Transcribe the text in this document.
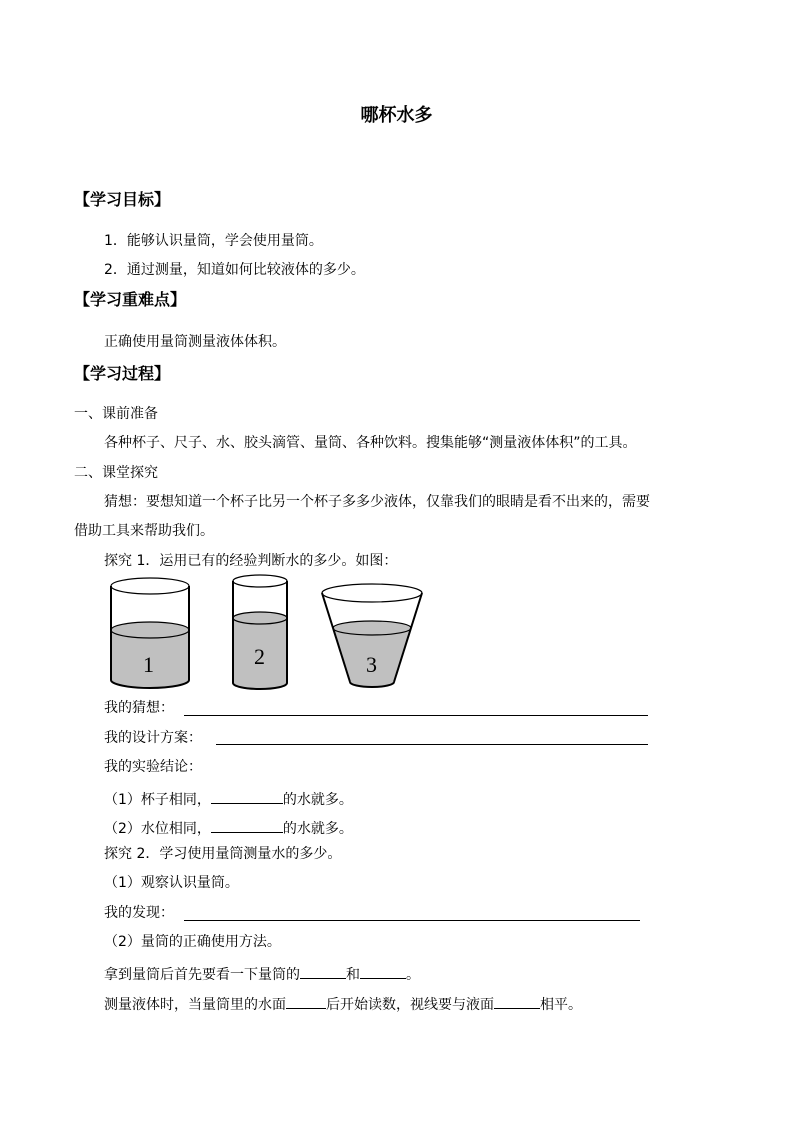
哪杯水多
【学习目标】
1．能够认识量筒，学会使用量筒。
2．通过测量，知道如何比较液体的多少。
【学习重难点】
正确使用量筒测量液体体积。
【学习过程】
一、课前准备
各种杯子、尺子、水、胶头滴管、量筒、各种饮料。搜集能够“测量液体体积”的工具。
二、课堂探究
猜想：要想知道一个杯子比另一个杯子多多少液体，仅靠我们的眼睛是看不出来的，需要
借助工具来帮助我们。
探究 1．运用已有的经验判断水的多少。如图：
1	2	3
我的猜想：
我的设计方案：
我的实验结论：
（1）杯子相同，	的水就多。
（2）水位相同，	的水就多。
探究 2．学习使用量筒测量水的多少。
（1）观察认识量筒。
我的发现：
（2）量筒的正确使用方法。
拿到量筒后首先要看一下量筒的	和	。
测量液体时，当量筒里的水面	后开始读数，视线要与液面	相平。
